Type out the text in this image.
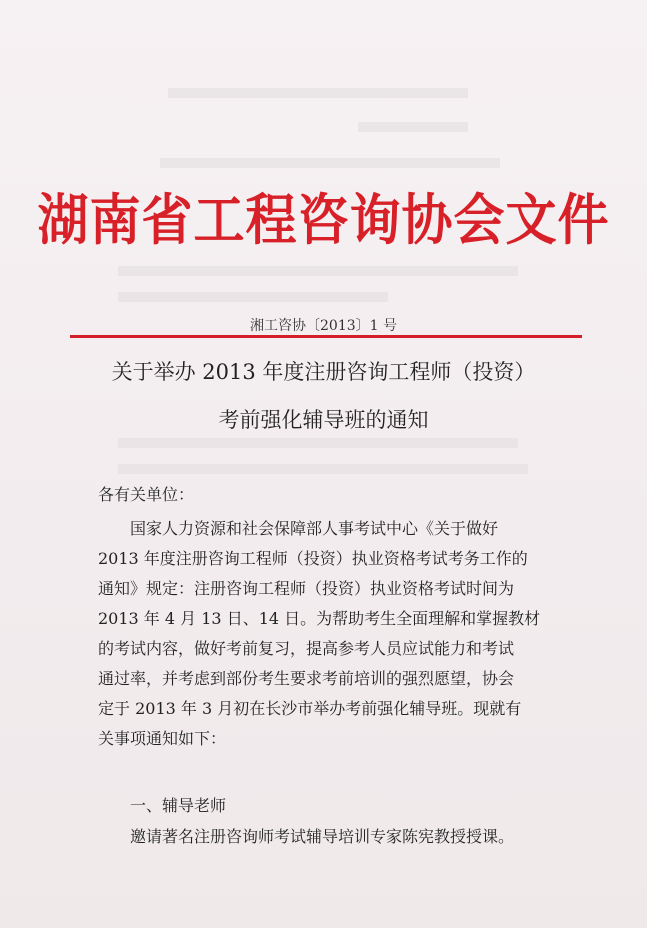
湖南省工程咨询协会文件
湘工咨协〔2013〕1 号
关于举办 2013 年度注册咨询工程师（投资）
考前强化辅导班的通知
各有关单位：
　　国家人力资源和社会保障部人事考试中心《关于做好
2013 年度注册咨询工程师（投资）执业资格考试考务工作的
通知》规定：注册咨询工程师（投资）执业资格考试时间为
2013 年 4 月 13 日、14 日。为帮助考生全面理解和掌握教材
的考试内容，做好考前复习，提高参考人员应试能力和考试
通过率，并考虑到部份考生要求考前培训的强烈愿望，协会
定于 2013 年 3 月初在长沙市举办考前强化辅导班。现就有
关事项通知如下：
一、辅导老师
邀请著名注册咨询师考试辅导培训专家陈宪教授授课。
